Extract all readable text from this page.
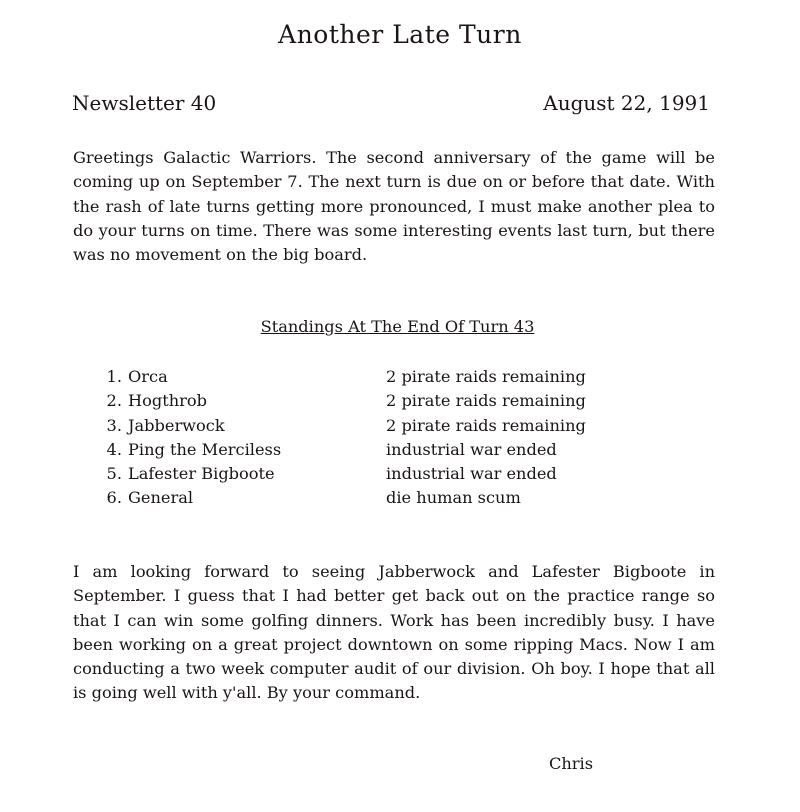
Another Late Turn
Newsletter 40	August 22, 1991

Greetings Galactic Warriors. The second anniversary of the game will be coming up on September 7. The next turn is due on or before that date. With the rash of late turns getting more pronounced, I must make another plea to do your turns on time. There was some interesting events last turn, but there was no movement on the big board.

Standings At The End Of Turn 43
1. Orca	2 pirate raids remaining
2. Hogthrob	2 pirate raids remaining
3. Jabberwock	2 pirate raids remaining
4. Ping the Merciless	industrial war ended
5. Lafester Bigboote	industrial war ended
6. General	die human scum

I am looking forward to seeing Jabberwock and Lafester Bigboote in September. I guess that I had better get back out on the practice range so that I can win some golfing dinners. Work has been incredibly busy. I have been working on a great project downtown on some ripping Macs. Now I am conducting a two week computer audit of our division. Oh boy. I hope that all is going well with y'all. By your command.

Chris
